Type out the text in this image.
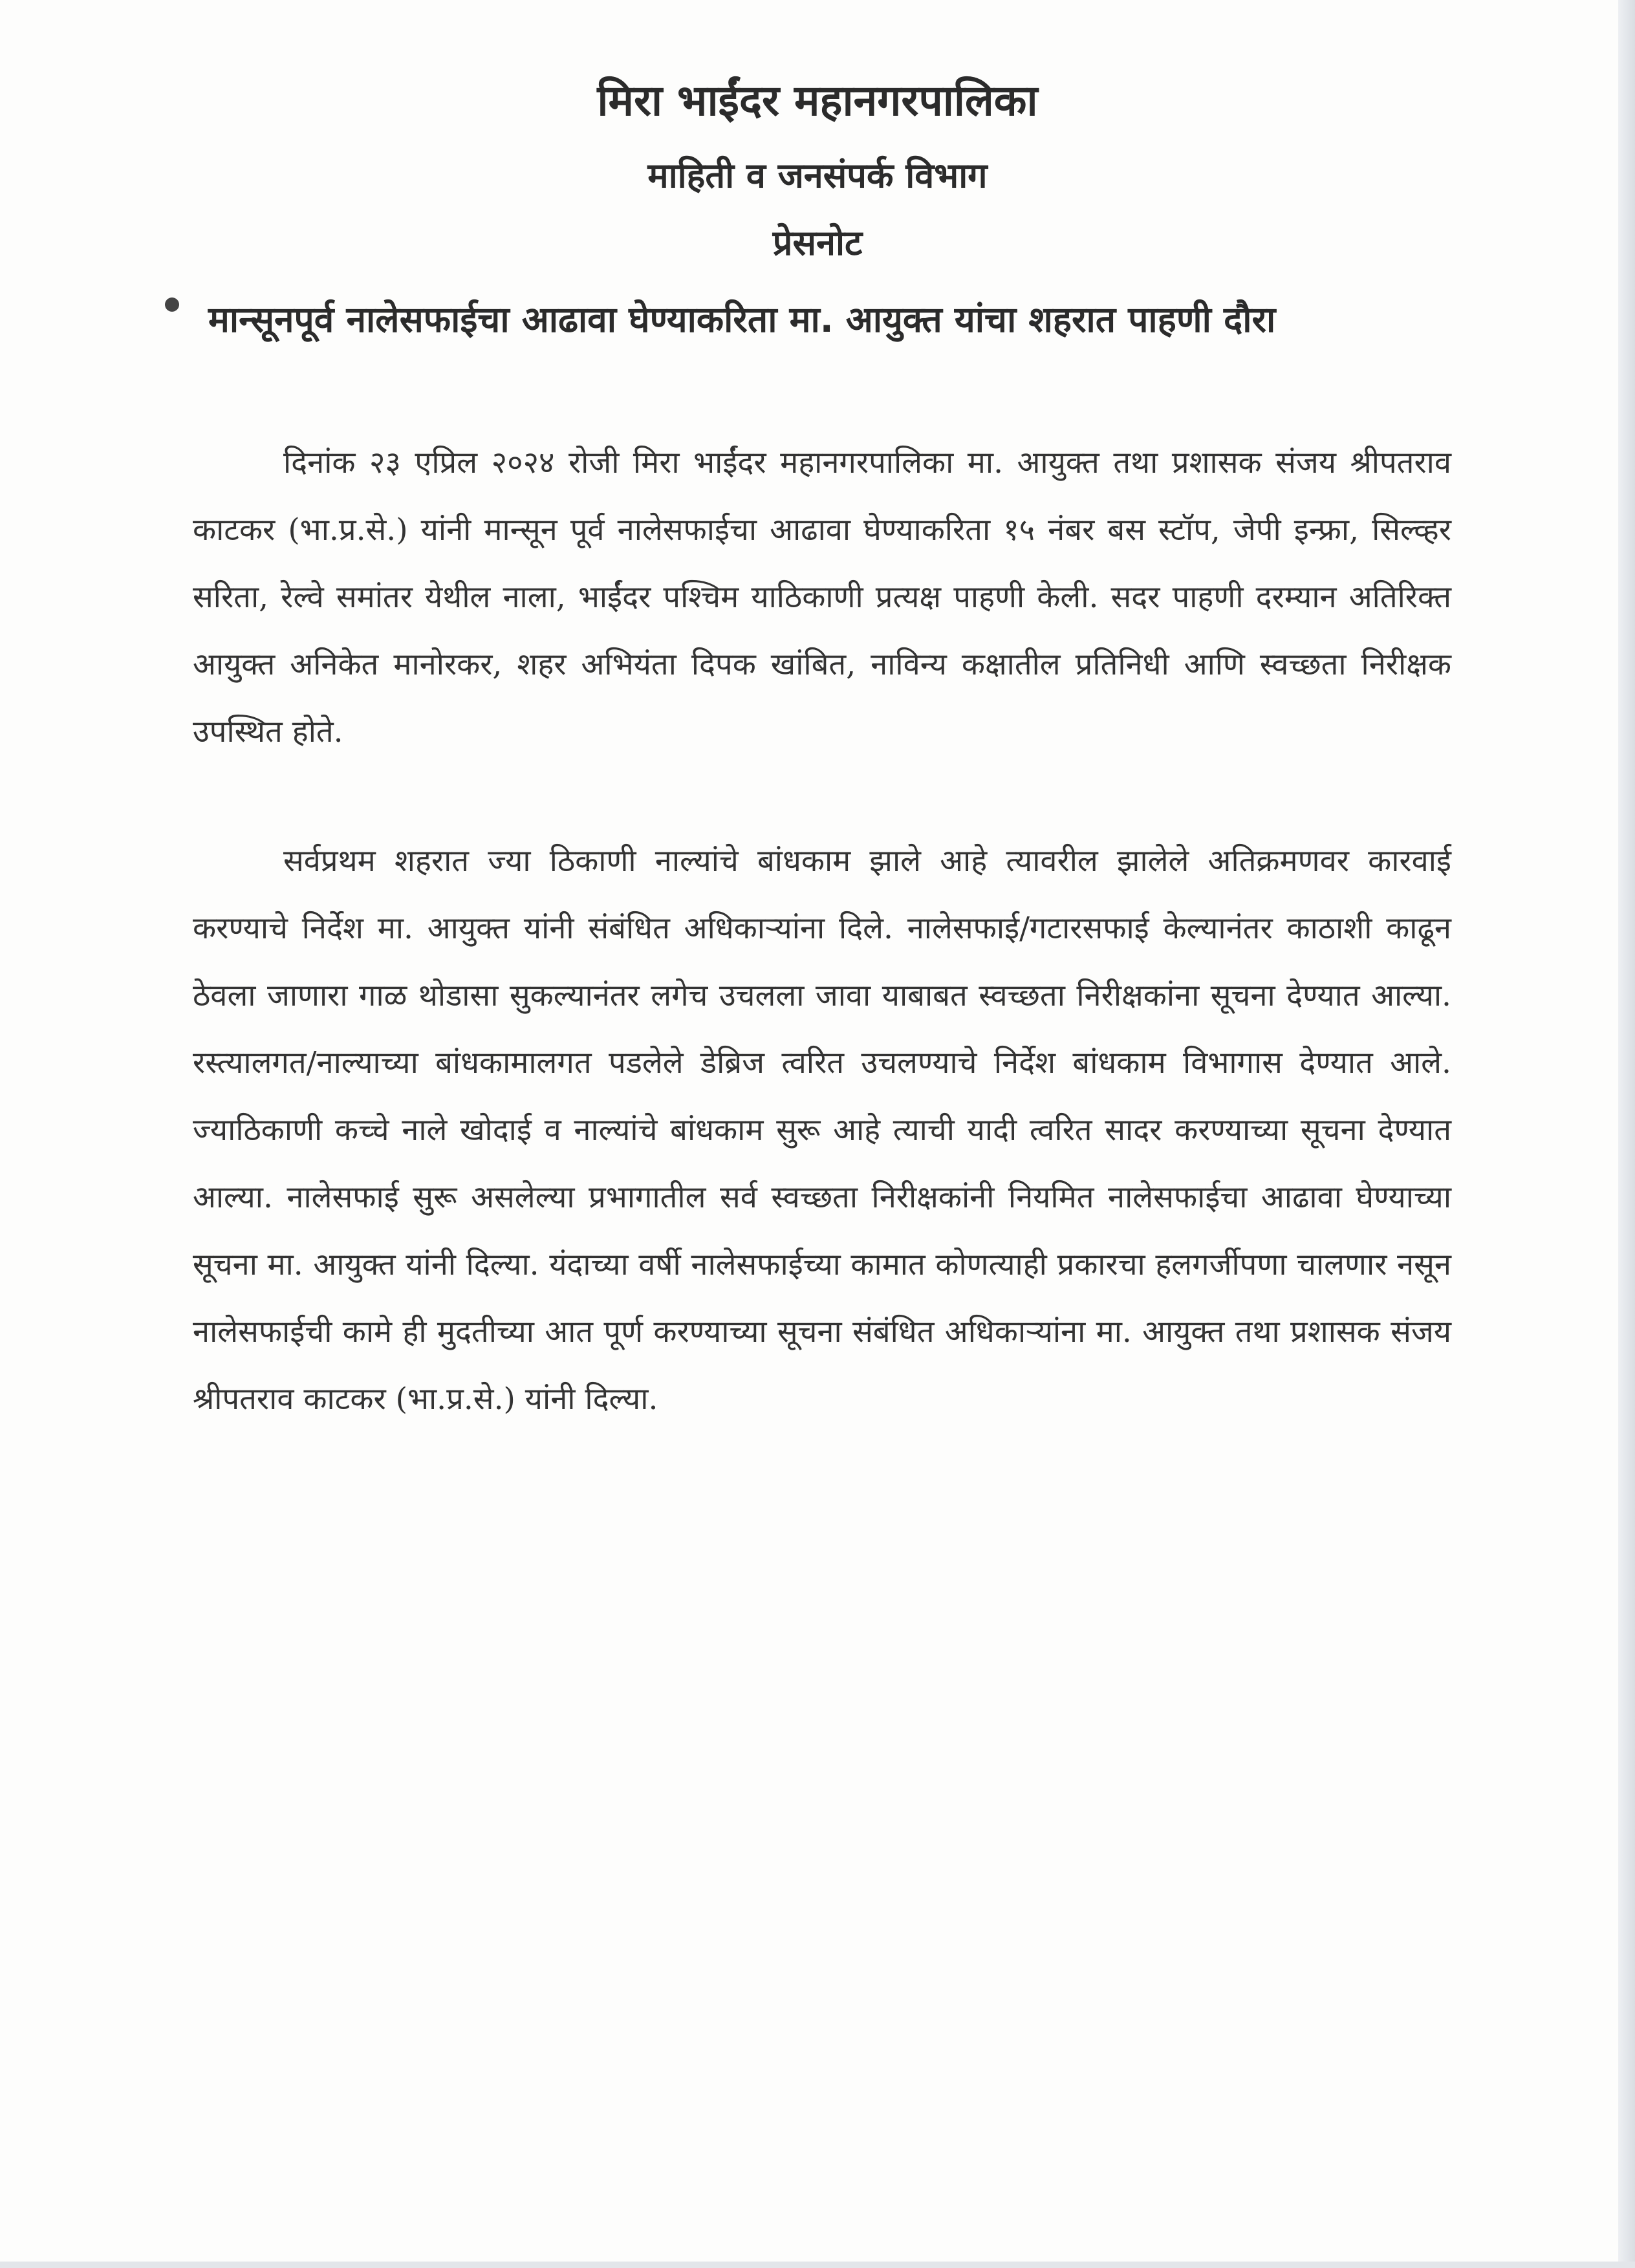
मिरा भाईंदर महानगरपालिका
माहिती व जनसंपर्क विभाग
प्रेसनोट
मान्सूनपूर्व नालेसफाईचा आढावा घेण्याकरिता मा. आयुक्त यांचा शहरात पाहणी दौरा

दिनांक २३ एप्रिल २०२४ रोजी मिरा भाईंदर महानगरपालिका मा. आयुक्त तथा प्रशासक संजय श्रीपतराव काटकर (भा.प्र.से.) यांनी मान्सून पूर्व नालेसफाईचा आढावा घेण्याकरिता १५ नंबर बस स्टॉप, जेपी इन्फ्रा, सिल्व्हर सरिता, रेल्वे समांतर येथील नाला, भाईंदर पश्चिम याठिकाणी प्रत्यक्ष पाहणी केली. सदर पाहणी दरम्यान अतिरिक्त आयुक्त अनिकेत मानोरकर, शहर अभियंता दिपक खांबित, नाविन्य कक्षातील प्रतिनिधी आणि स्वच्छता निरीक्षक उपस्थित होते.

सर्वप्रथम शहरात ज्या ठिकाणी नाल्यांचे बांधकाम झाले आहे त्यावरील झालेले अतिक्रमणवर कारवाई करण्याचे निर्देश मा. आयुक्त यांनी संबंधित अधिकाऱ्यांना दिले. नालेसफाई/गटारसफाई केल्यानंतर काठाशी काढून ठेवला जाणारा गाळ थोडासा सुकल्यानंतर लगेच उचलला जावा याबाबत स्वच्छता निरीक्षकांना सूचना देण्यात आल्या. रस्त्यालगत/नाल्याच्या बांधकामालगत पडलेले डेब्रिज त्वरित उचलण्याचे निर्देश बांधकाम विभागास देण्यात आले. ज्याठिकाणी कच्चे नाले खोदाई व नाल्यांचे बांधकाम सुरू आहे त्याची यादी त्वरित सादर करण्याच्या सूचना देण्यात आल्या. नालेसफाई सुरू असलेल्या प्रभागातील सर्व स्वच्छता निरीक्षकांनी नियमित नालेसफाईचा आढावा घेण्याच्या सूचना मा. आयुक्त यांनी दिल्या. यंदाच्या वर्षी नालेसफाईच्या कामात कोणत्याही प्रकारचा हलगर्जीपणा चालणार नसून नालेसफाईची कामे ही मुदतीच्या आत पूर्ण करण्याच्या सूचना संबंधित अधिकाऱ्यांना मा. आयुक्त तथा प्रशासक संजय श्रीपतराव काटकर (भा.प्र.से.) यांनी दिल्या.
